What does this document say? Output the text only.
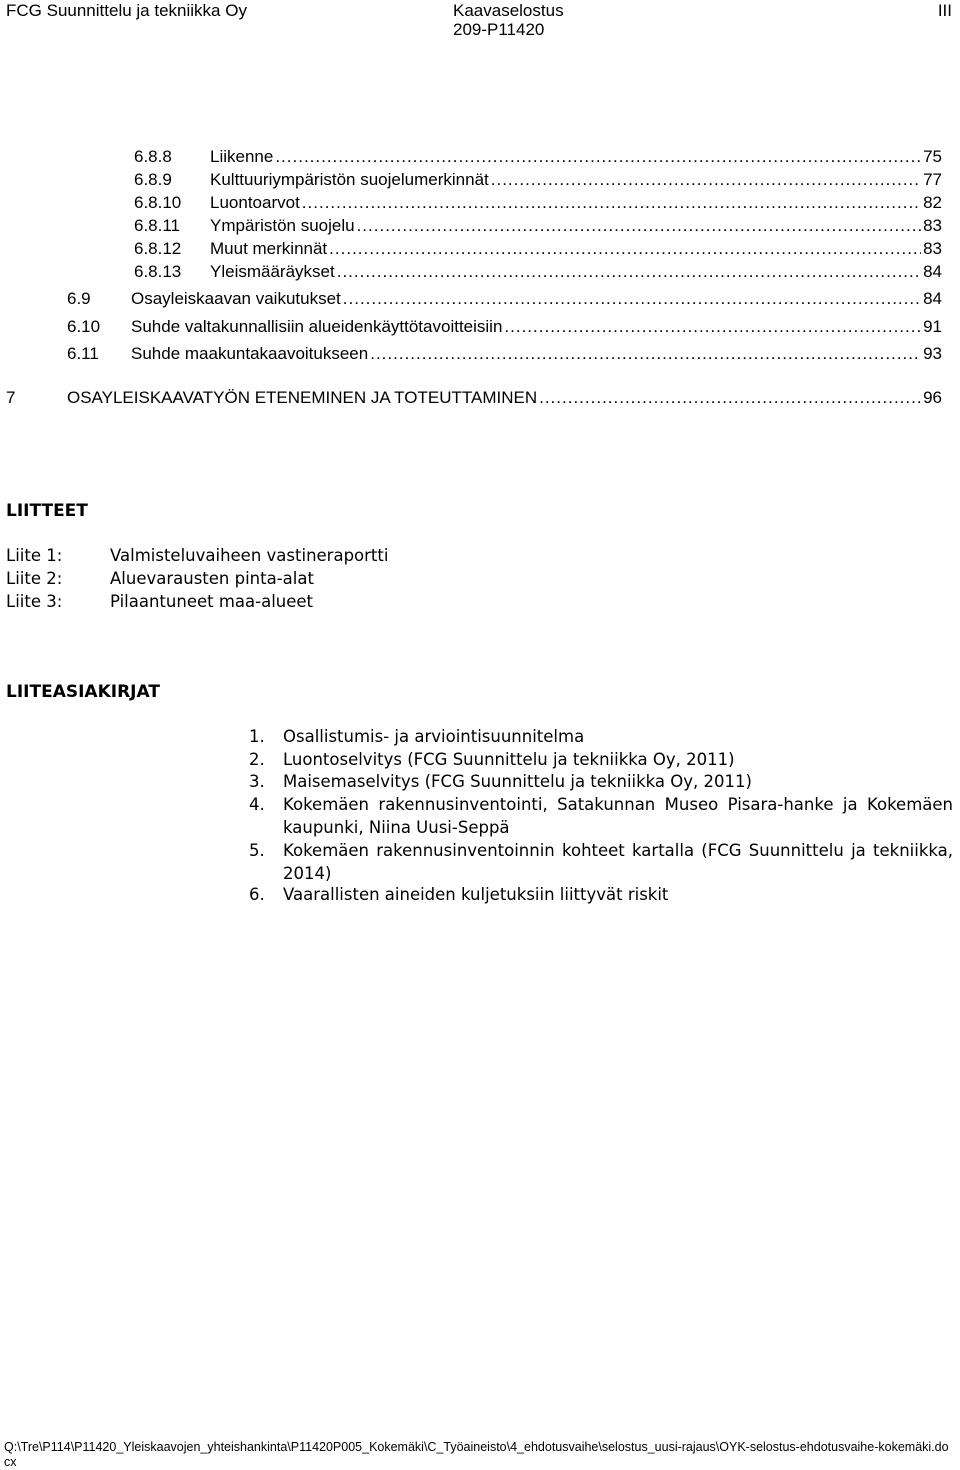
FCG Suunnittelu ja tekniikka Oy	Kaavaselostus
209-P11420
III
6.8.8	Liikenne .....	75
6.8.9	Kulttuuriympäristön suojelumerkinnät .....	77
6.8.10	Luontoarvot .....	82
6.8.11	Ympäristön suojelu .....	83
6.8.12	Muut merkinnät .....	83
6.8.13	Yleismääräykset .....	84
6.9	Osayleiskaavan vaikutukset .....	84
6.10	Suhde valtakunnallisiin alueidenkäyttötavoitteisiin .....	91
6.11	Suhde maakuntakaavoitukseen .....	93
7	OSAYLEISKAAVATYÖN ETENEMINEN JA TOTEUTTAMINEN .....	96
LIITTEET
Liite 1:	Valmisteluvaiheen vastineraportti
Liite 2:	Aluevarausten pinta-alat
Liite 3:	Pilaantuneet maa-alueet
LIITEASIAKIRJAT
1.	Osallistumis- ja arviointisuunnitelma
2.	Luontoselvitys (FCG Suunnittelu ja tekniikka Oy, 2011)
3.	Maisemaselvitys (FCG Suunnittelu ja tekniikka Oy, 2011)
4.	Kokemäen rakennusinventointi, Satakunnan Museo Pisara-hanke ja Kokemäen kaupunki, Niina Uusi-Seppä
5.	Kokemäen rakennusinventoinnin kohteet kartalla (FCG Suunnittelu ja tekniikka, 2014)
6.	Vaarallisten aineiden kuljetuksiin liittyvät riskit
Q:\Tre\P114\P11420_Yleiskaavojen_yhteishankinta\P11420P005_Kokemäki\C_Työaineisto\4_ehdotusvaihe\selostus_uusi-rajaus\OYK-selostus-ehdotusvaihe-kokemäki.docx
